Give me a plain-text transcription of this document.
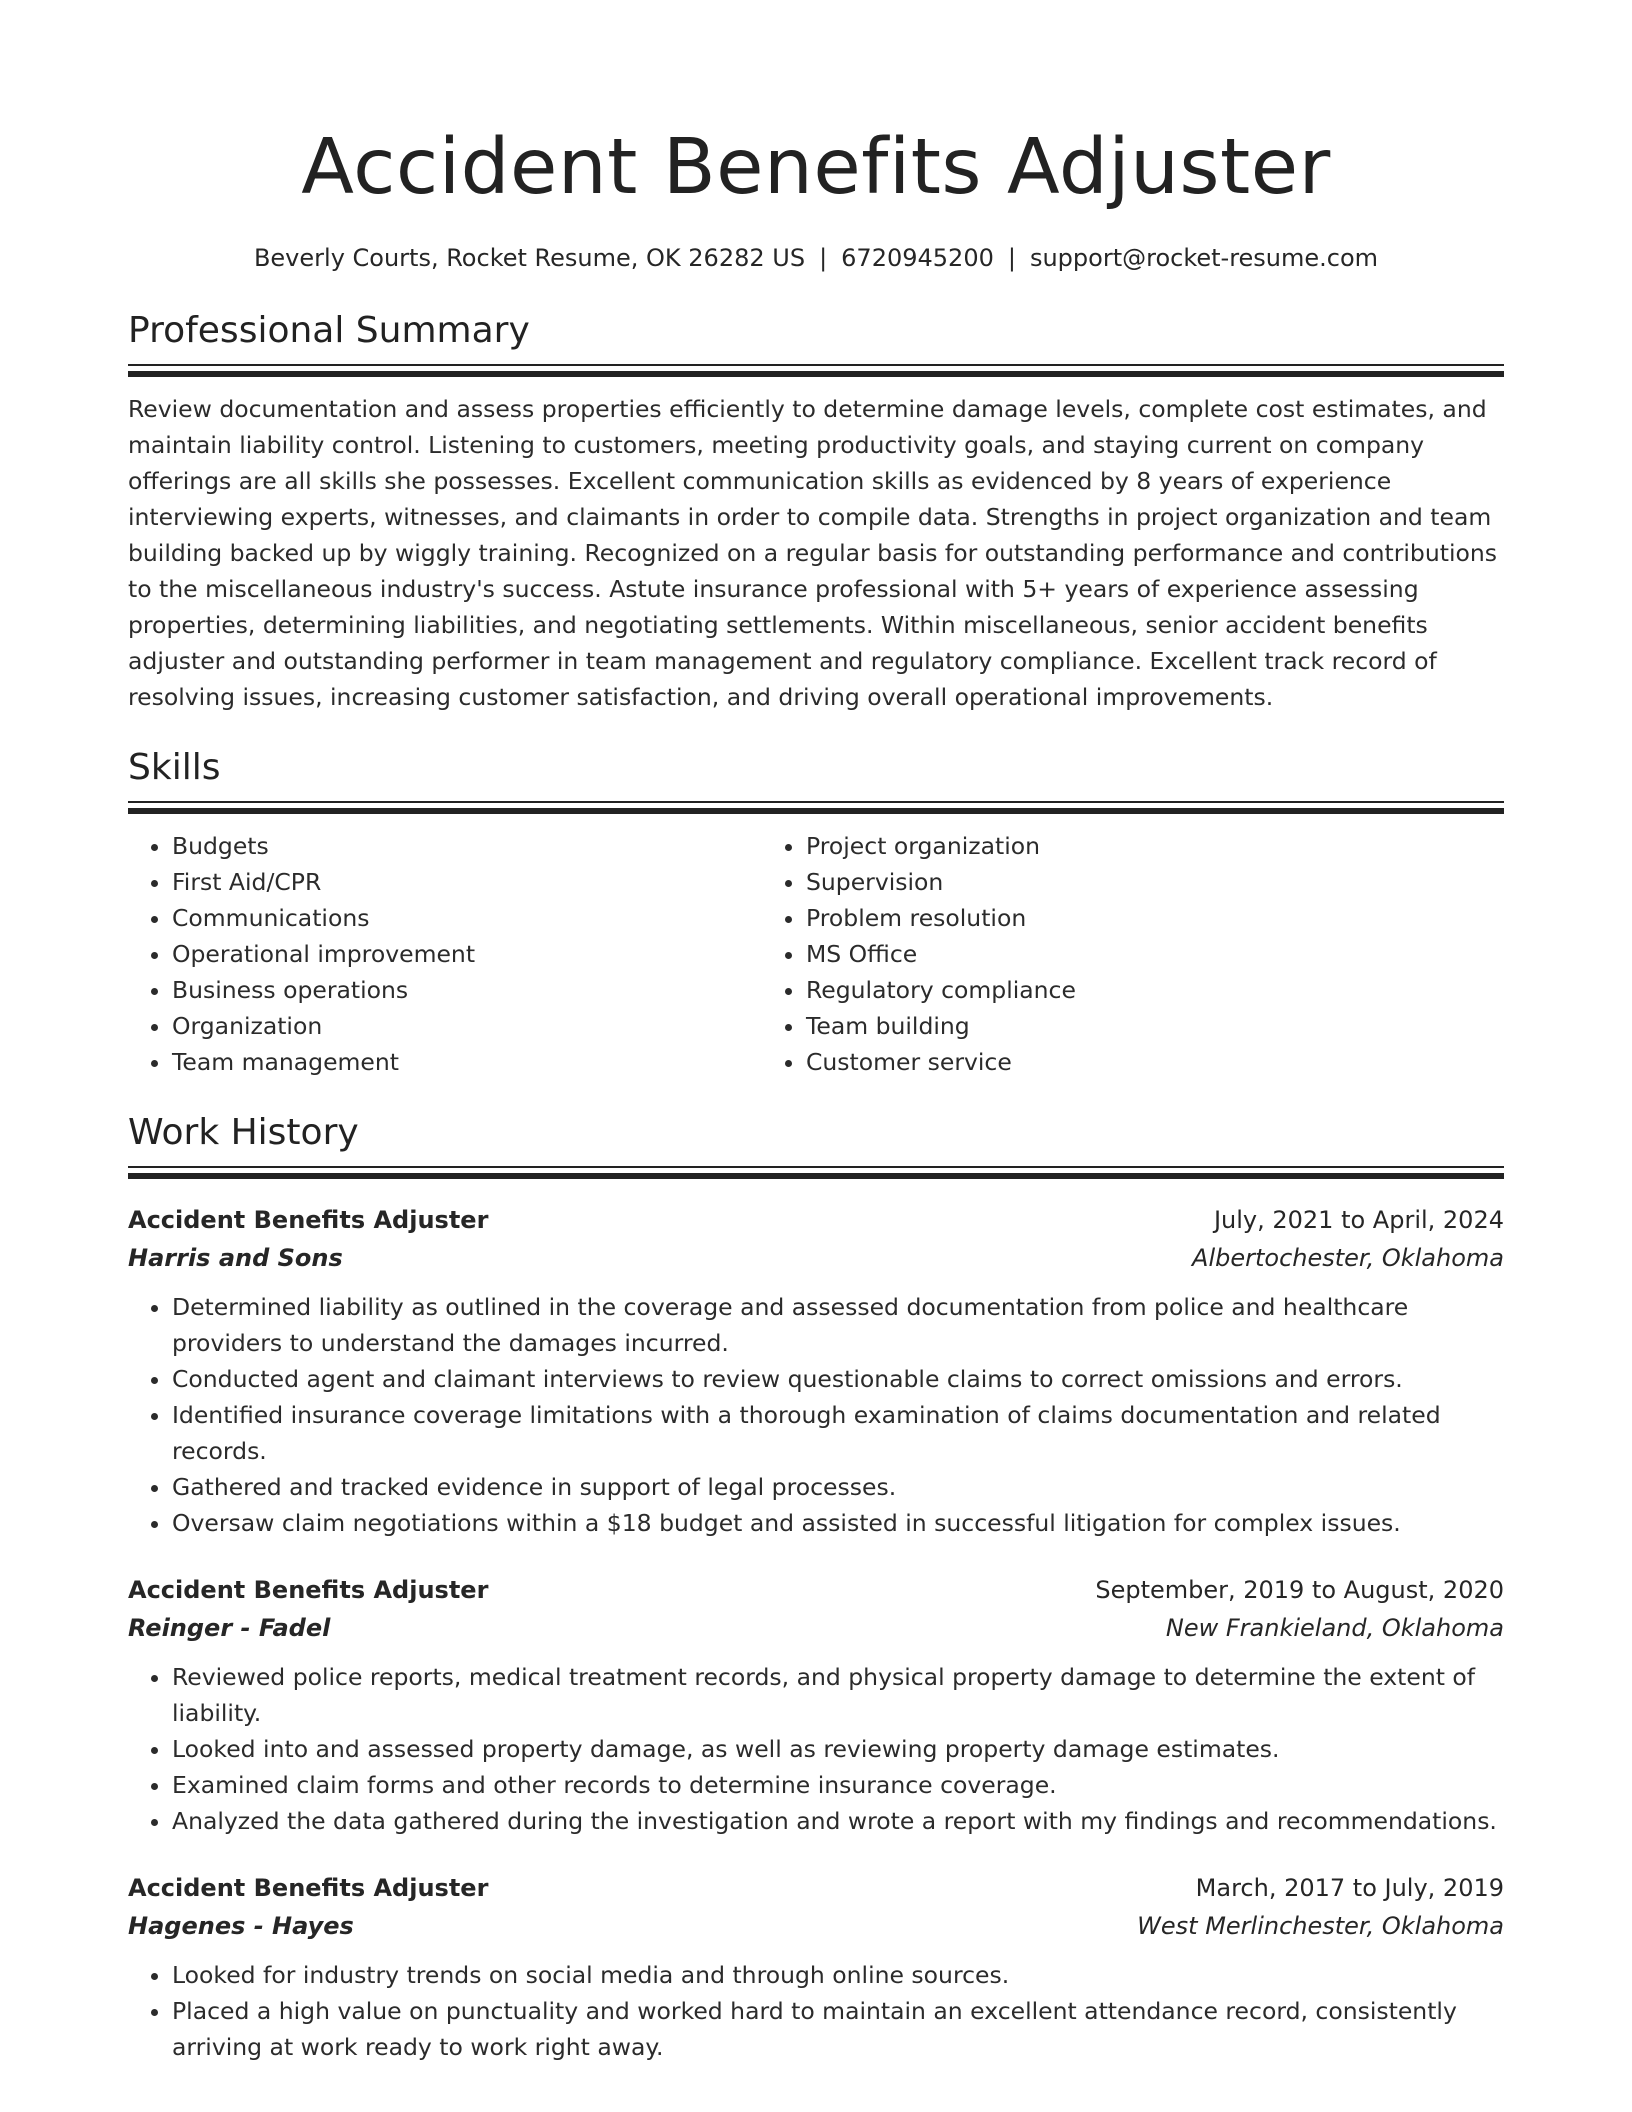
Accident Benefits Adjuster
Beverly Courts, Rocket Resume, OK 26282 US | 6720945200 | support@rocket-resume.com
Professional Summary

Review documentation and assess properties efficiently to determine damage levels, complete cost estimates, and maintain liability control. Listening to customers, meeting productivity goals, and staying current on company offerings are all skills she possesses. Excellent communication skills as evidenced by 8 years of experience interviewing experts, witnesses, and claimants in order to compile data. Strengths in project organization and team building backed up by wiggly training. Recognized on a regular basis for outstanding performance and contributions to the miscellaneous industry's success. Astute insurance professional with 5+ years of experience assessing properties, determining liabilities, and negotiating settlements. Within miscellaneous, senior accident benefits adjuster and outstanding performer in team management and regulatory compliance. Excellent track record of resolving issues, increasing customer satisfaction, and driving overall operational improvements.

Skills
• Budgets
• First Aid/CPR
• Communications
• Operational improvement
• Business operations
• Organization
• Team management
• Project organization
• Supervision
• Problem resolution
• MS Office
• Regulatory compliance
• Team building
• Customer service
Work History
Accident Benefits Adjuster	July, 2021 to April, 2024
Harris and Sons	Albertochester, Oklahoma
• Determined liability as outlined in the coverage and assessed documentation from police and healthcare providers to understand the damages incurred.
• Conducted agent and claimant interviews to review questionable claims to correct omissions and errors.
• Identified insurance coverage limitations with a thorough examination of claims documentation and related records.
• Gathered and tracked evidence in support of legal processes.
• Oversaw claim negotiations within a $18 budget and assisted in successful litigation for complex issues.
Accident Benefits Adjuster	September, 2019 to August, 2020
Reinger - Fadel	New Frankieland, Oklahoma
• Reviewed police reports, medical treatment records, and physical property damage to determine the extent of liability.
• Looked into and assessed property damage, as well as reviewing property damage estimates.
• Examined claim forms and other records to determine insurance coverage.
• Analyzed the data gathered during the investigation and wrote a report with my findings and recommendations.
Accident Benefits Adjuster	March, 2017 to July, 2019
Hagenes - Hayes	West Merlinchester, Oklahoma
• Looked for industry trends on social media and through online sources.
• Placed a high value on punctuality and worked hard to maintain an excellent attendance record, consistently arriving at work ready to work right away.
